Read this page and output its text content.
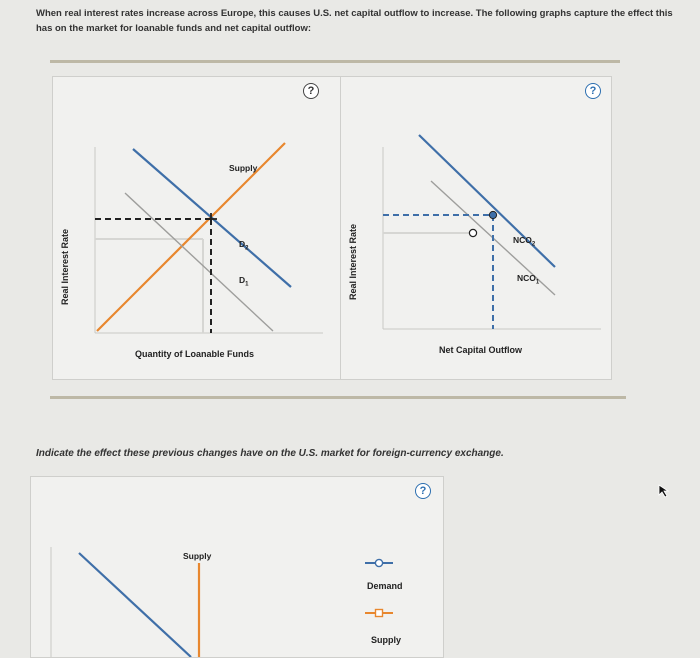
When real interest rates increase across Europe, this causes U.S. net capital outflow to increase. The following graphs capture the effect this has on the market for loanable funds and net capital outflow:
?
Real Interest Rate
Quantity of Loanable Funds
Supply
$D_2$
$D_1$
?
Real Interest Rate
Net Capital Outflow
$NCO_2$
$NCO_1$
Indicate the effect these previous changes have on the U.S. market for foreign-currency exchange.
?
Supply
Demand
Supply
